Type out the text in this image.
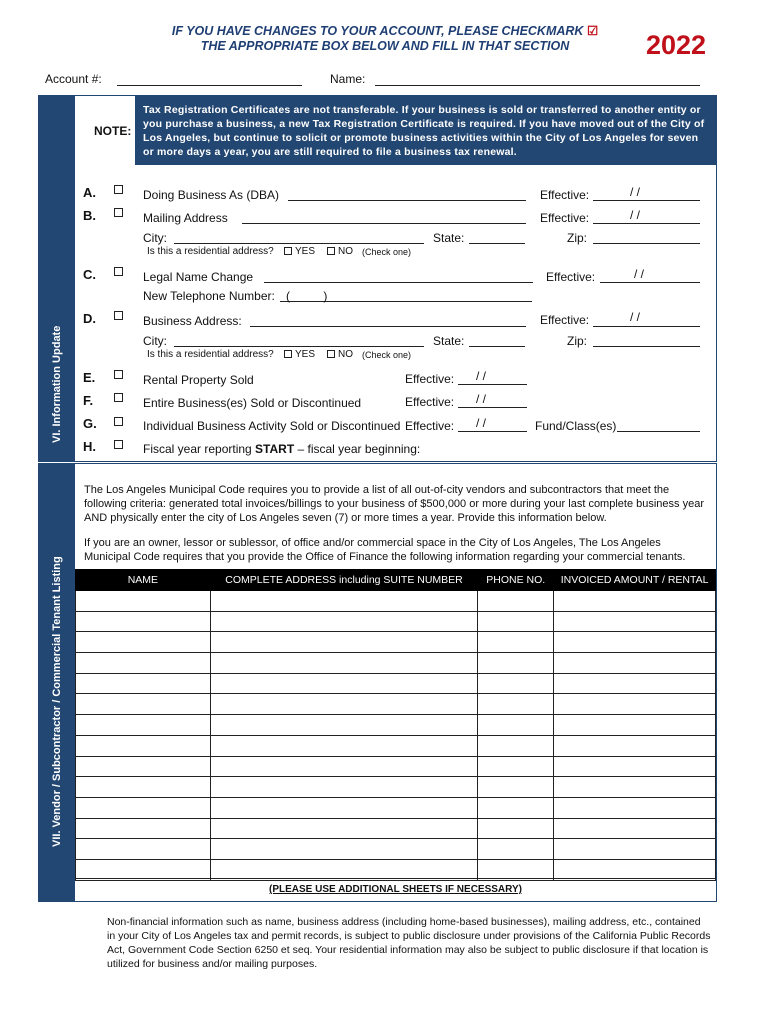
IF YOU HAVE CHANGES TO YOUR ACCOUNT, PLEASE CHECKMARK ☑
THE APPROPRIATE BOX BELOW AND FILL IN THAT SECTION	2022
Account #:	Name:
VI. Information Update
Tax Registration Certificates are not transferable. If your business is sold or transferred to another entity or you purchase a business, a new Tax Registration Certificate is required. If you have moved out of the City of Los Angeles, but continue to solicit or promote business activities within the City of Los Angeles for seven or more days a year, you are still required to file a business tax renewal.
NOTE:
A.	Doing Business As (DBA)	Effective:	/ /
B.	Mailing Address	Effective:	/ /
City:	State:	Zip:
Is this a residential address? YES NO (Check one)
C.	Legal Name Change	Effective:	/ /
New Telephone Number: (          )
D.	Business Address:	Effective:	/ /
City:	State:	Zip:
Is this a residential address? YES NO (Check one)
E.	Rental Property Sold	Effective: / /
F.	Entire Business(es) Sold or Discontinued	Effective: / /
G.	Individual Business Activity Sold or Discontinued Effective: / /	Fund/Class(es)
H.	Fiscal year reporting START – fiscal year beginning:
VII. Vendor / Subcontractor / Commercial Tenant Listing
The Los Angeles Municipal Code requires you to provide a list of all out-of-city vendors and subcontractors that meet the following criteria: generated total invoices/billings to your business of $500,000 or more during your last complete business year AND physically enter the city of Los Angeles seven (7) or more times a year. Provide this information below.
If you are an owner, lessor or sublessor, of office and/or commercial space in the City of Los Angeles, The Los Angeles Municipal Code requires that you provide the Office of Finance the following information regarding your commercial tenants.
NAME	COMPLETE ADDRESS including SUITE NUMBER	PHONE NO.	INVOICED AMOUNT / RENTAL

(PLEASE USE ADDITIONAL SHEETS IF NECESSARY)
Non-financial information such as name, business address (including home-based businesses), mailing address, etc., contained in your City of Los Angeles tax and permit records, is subject to public disclosure under provisions of the California Public Records Act, Government Code Section 6250 et seq. Your residential information may also be subject to public disclosure if that location is utilized for business and/or mailing purposes.
